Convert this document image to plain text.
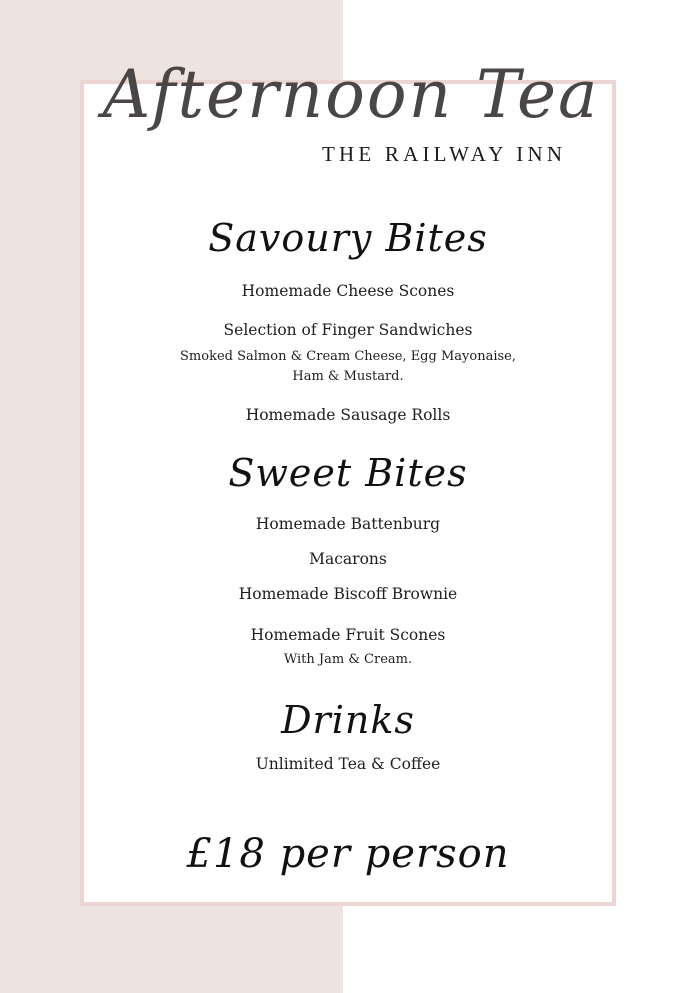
Afternoon Tea
THE RAILWAY INN
Savoury Bites
Homemade Cheese Scones
Selection of Finger Sandwiches
Smoked Salmon & Cream Cheese, Egg Mayonaise,
Ham & Mustard.
Homemade Sausage Rolls
Sweet Bites
Homemade Battenburg
Macarons
Homemade Biscoff Brownie
Homemade Fruit Scones
With Jam & Cream.
Drinks
Unlimited Tea & Coffee
£18 per person
